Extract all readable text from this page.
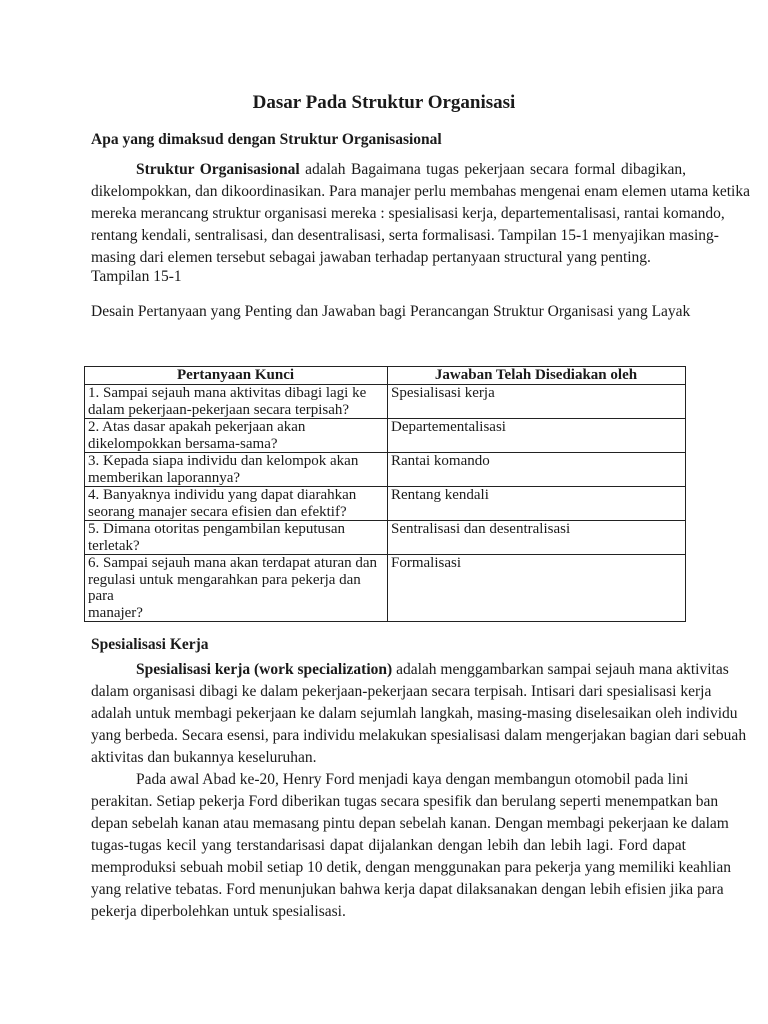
Dasar Pada Struktur Organisasi
Apa yang dimaksud dengan Struktur Organisasional
Struktur Organisasional adalah Bagaimana tugas pekerjaan secara formal dibagikan,
dikelompokkan, dan dikoordinasikan. Para manajer perlu membahas mengenai enam elemen utama ketika
mereka merancang struktur organisasi mereka : spesialisasi kerja, departementalisasi, rantai komando,
rentang kendali, sentralisasi, dan desentralisasi, serta formalisasi. Tampilan 15-1 menyajikan masing-
masing dari elemen tersebut sebagai jawaban terhadap pertanyaan structural yang penting.
Tampilan 15-1
Desain Pertanyaan yang Penting dan Jawaban bagi Perancangan Struktur Organisasi yang Layak
Pertanyaan Kunci	Jawaban Telah Disediakan oleh

1. Sampai sejauh mana aktivitas dibagi lagi ke
dalam pekerjaan-pekerjaan secara terpisah?	Spesialisasi kerja

2. Atas dasar apakah pekerjaan akan
dikelompokkan bersama-sama?	Departementalisasi

3. Kepada siapa individu dan kelompok akan
memberikan laporannya?	Rantai komando

4. Banyaknya individu yang dapat diarahkan
seorang manajer secara efisien dan efektif?	Rentang kendali

5. Dimana otoritas pengambilan keputusan
terletak?	Sentralisasi dan desentralisasi

6. Sampai sejauh mana akan terdapat aturan dan
regulasi untuk mengarahkan para pekerja dan para
manajer?	Formalisasi
Spesialisasi Kerja
Spesialisasi kerja (work specialization) adalah menggambarkan sampai sejauh mana aktivitas
dalam organisasi dibagi ke dalam pekerjaan-pekerjaan secara terpisah. Intisari dari spesialisasi kerja
adalah untuk membagi pekerjaan ke dalam sejumlah langkah, masing-masing diselesaikan oleh individu
yang berbeda. Secara esensi, para individu melakukan spesialisasi dalam mengerjakan bagian dari sebuah
aktivitas dan bukannya keseluruhan.
Pada awal Abad ke-20, Henry Ford menjadi kaya dengan membangun otomobil pada lini
perakitan. Setiap pekerja Ford diberikan tugas secara spesifik dan berulang seperti menempatkan ban
depan sebelah kanan atau memasang pintu depan sebelah kanan. Dengan membagi pekerjaan ke dalam
tugas-tugas kecil yang terstandarisasi dapat dijalankan dengan lebih dan lebih lagi. Ford dapat
memproduksi sebuah mobil setiap 10 detik, dengan menggunakan para pekerja yang memiliki keahlian
yang relative tebatas. Ford menunjukan bahwa kerja dapat dilaksanakan dengan lebih efisien jika para
pekerja diperbolehkan untuk spesialisasi.
